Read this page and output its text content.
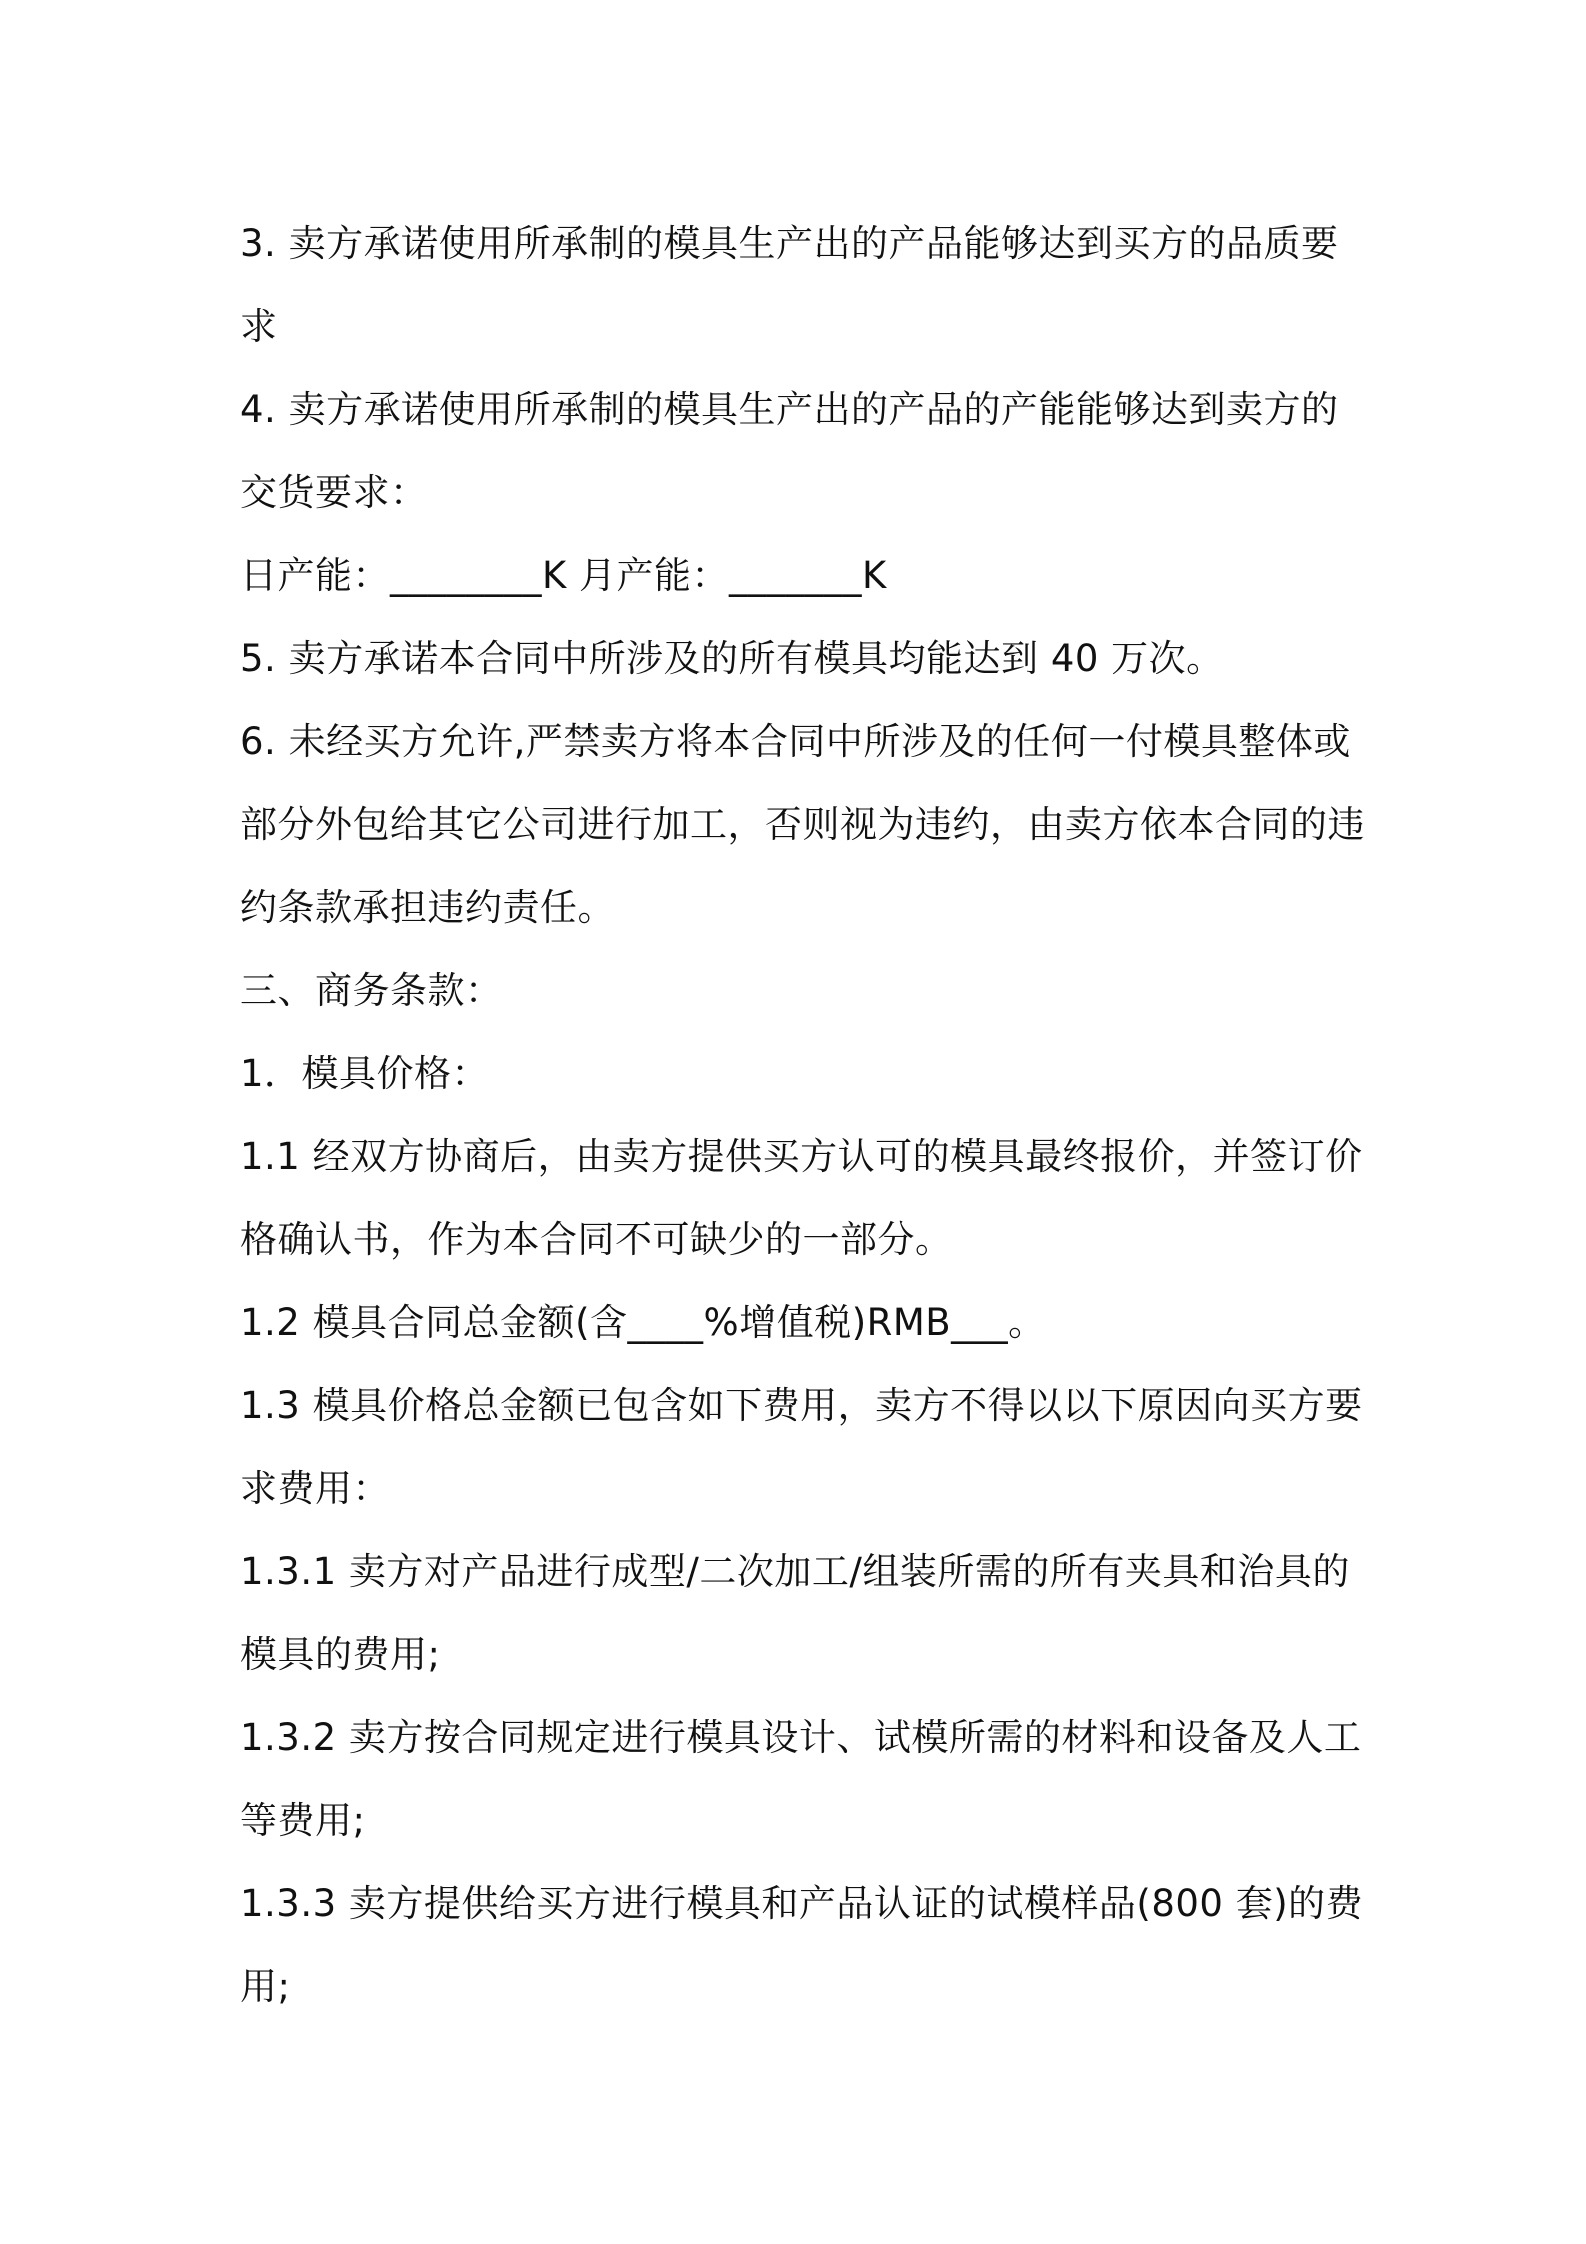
3. 卖方承诺使用所承制的模具生产出的产品能够达到买方的品质要求

4. 卖方承诺使用所承制的模具生产出的产品的产能能够达到卖方的交货要求：

日产能：________K 月产能：_______K

5. 卖方承诺本合同中所涉及的所有模具均能达到 40 万次。

6. 未经买方允许,严禁卖方将本合同中所涉及的任何一付模具整体或部分外包给其它公司进行加工，否则视为违约，由卖方依本合同的违约条款承担违约责任。

三、商务条款：

1．模具价格：

1.1 经双方协商后，由卖方提供买方认可的模具最终报价，并签订价格确认书，作为本合同不可缺少的一部分。

1.2 模具合同总金额(含____%增值税)RMB___。

1.3 模具价格总金额已包含如下费用，卖方不得以以下原因向买方要求费用：

1.3.1 卖方对产品进行成型/二次加工/组装所需的所有夹具和治具的模具的费用;

1.3.2 卖方按合同规定进行模具设计、试模所需的材料和设备及人工等费用;

1.3.3 卖方提供给买方进行模具和产品认证的试模样品(800 套)的费用;
